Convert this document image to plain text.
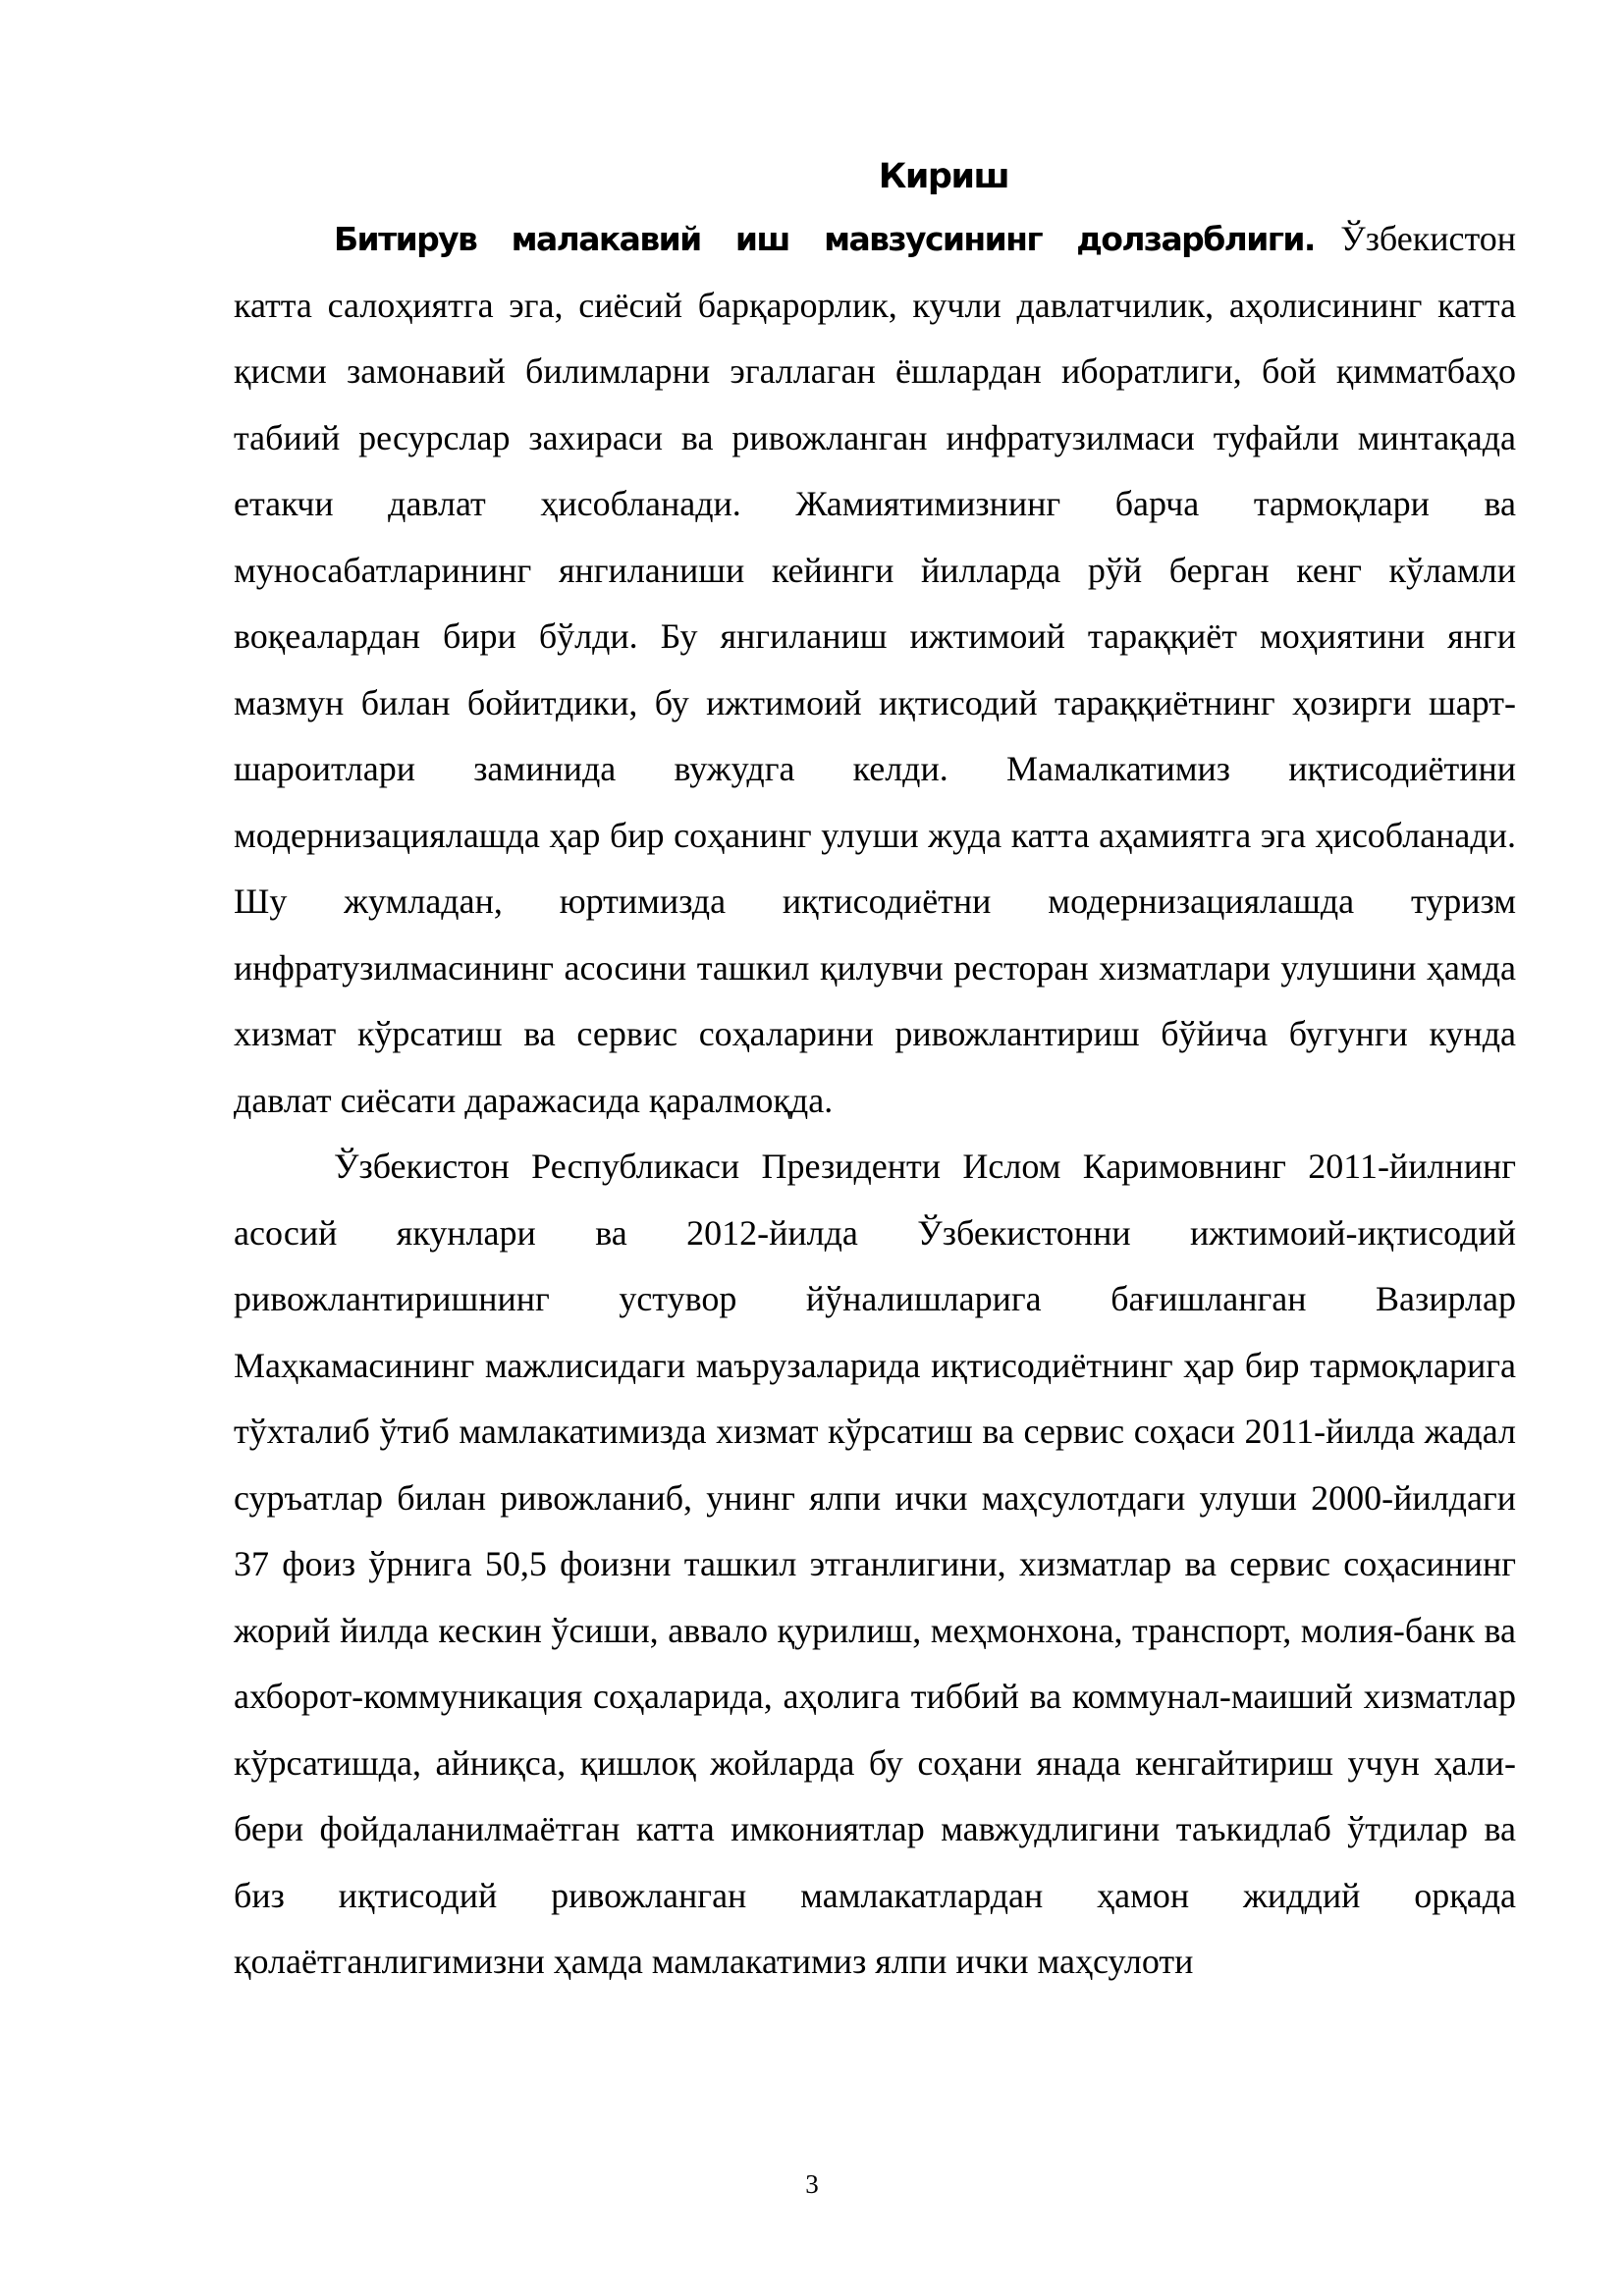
Кириш

Битирув малакавий иш мавзусининг долзарблиги. Ўзбекистон катта салоҳиятга эга, сиёсий барқарорлик, кучли давлатчилик, аҳолисининг катта қисми замонавий билимларни эгаллаган ёшлардан иборатлиги, бой қимматбаҳо табиий ресурслар захираси ва ривожланган инфратузилмаси туфайли минтақада етакчи давлат ҳисобланади. Жамиятимизнинг барча тармоқлари ва муносабатларининг янгиланиши кейинги йилларда рўй берган кенг кўламли воқеалардан бири бўлди. Бу янгиланиш ижтимоий тараққиёт моҳиятини янги мазмун билан бойитдики, бу ижтимоий иқтисодий тараққиётнинг ҳозирги шарт-шароитлари заминида вужудга келди. Мамалкатимиз иқтисодиётини модернизациялашда ҳар бир соҳанинг улуши жуда катта аҳамиятга эга ҳисобланади. Шу жумладан, юртимизда иқтисодиётни модернизациялашда туризм инфратузилмасининг асосини ташкил қилувчи ресторан хизматлари улушини ҳамда хизмат кўрсатиш ва сервис соҳаларини ривожлантириш бўйича бугунги кунда давлат сиёсати даражасида қаралмоқда.

Ўзбекистон Республикаси Президенти Ислом Каримовнинг 2011-йилнинг асосий якунлари ва 2012-йилда Ўзбекистонни ижтимоий-иқтисодий ривожлантиришнинг устувор йўналишларига бағишланган Вазирлар Маҳкамасининг мажлисидаги маърузаларида иқтисодиётнинг ҳар бир тармоқларига тўхталиб ўтиб мамлакатимизда хизмат кўрсатиш ва сервис соҳаси 2011-йилда жадал суръатлар билан ривожланиб, унинг ялпи ички маҳсулотдаги улуши 2000-йилдаги 37 фоиз ўрнига 50,5 фоизни ташкил этганлигини, хизматлар ва сервис соҳасининг жорий йилда кескин ўсиши, аввало қурилиш, меҳмонхона, транспорт, молия-банк ва ахборот-коммуникация соҳаларида, аҳолига тиббий ва коммунал-маиший хизматлар кўрсатишда, айниқса, қишлоқ жойларда бу соҳани янада кенгайтириш учун ҳали-бери фойдаланилмаётган катта имкониятлар мавжудлигини таъкидлаб ўтдилар ва биз иқтисодий ривожланган мамлакатлардан ҳамон жиддий орқада қолаётганлигимизни ҳамда мамлакатимиз ялпи ички маҳсулоти

3
